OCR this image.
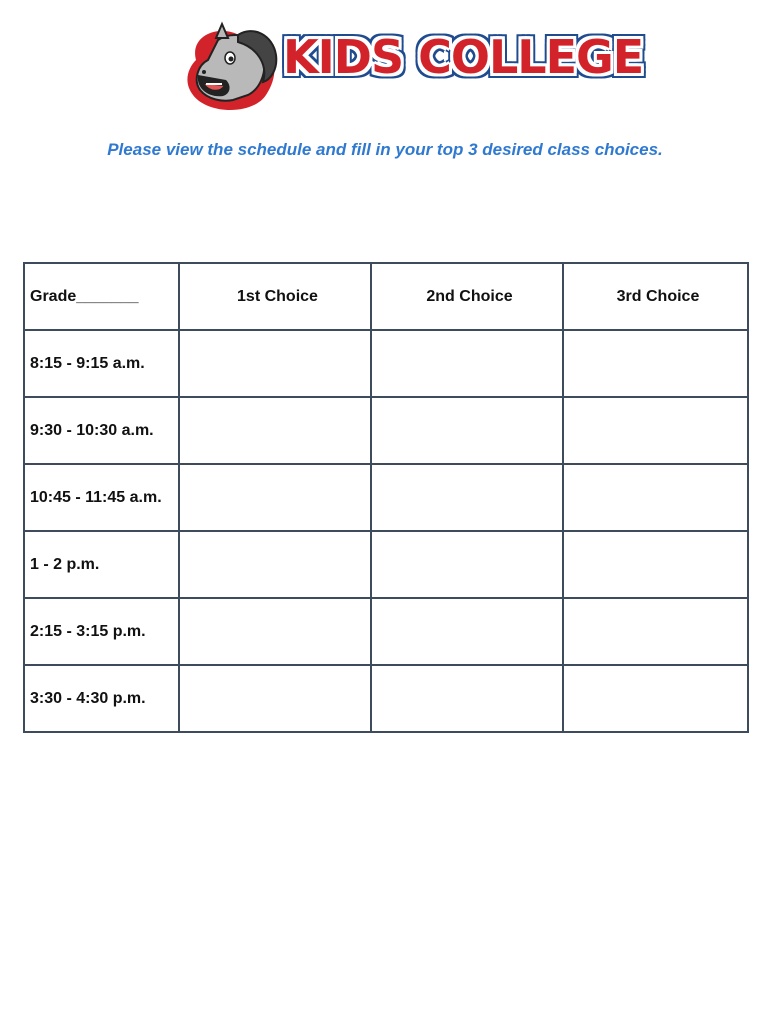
KIDS COLLEGE
Please view the schedule and fill in your top 3 desired class choices.
Grade_______	1st Choice	2nd Choice	3rd Choice
8:15 - 9:15 a.m.			
9:30 - 10:30 a.m.			
10:45 - 11:45 a.m.			
1 - 2 p.m.			
2:15 - 3:15 p.m.			
3:30 - 4:30 p.m.			
